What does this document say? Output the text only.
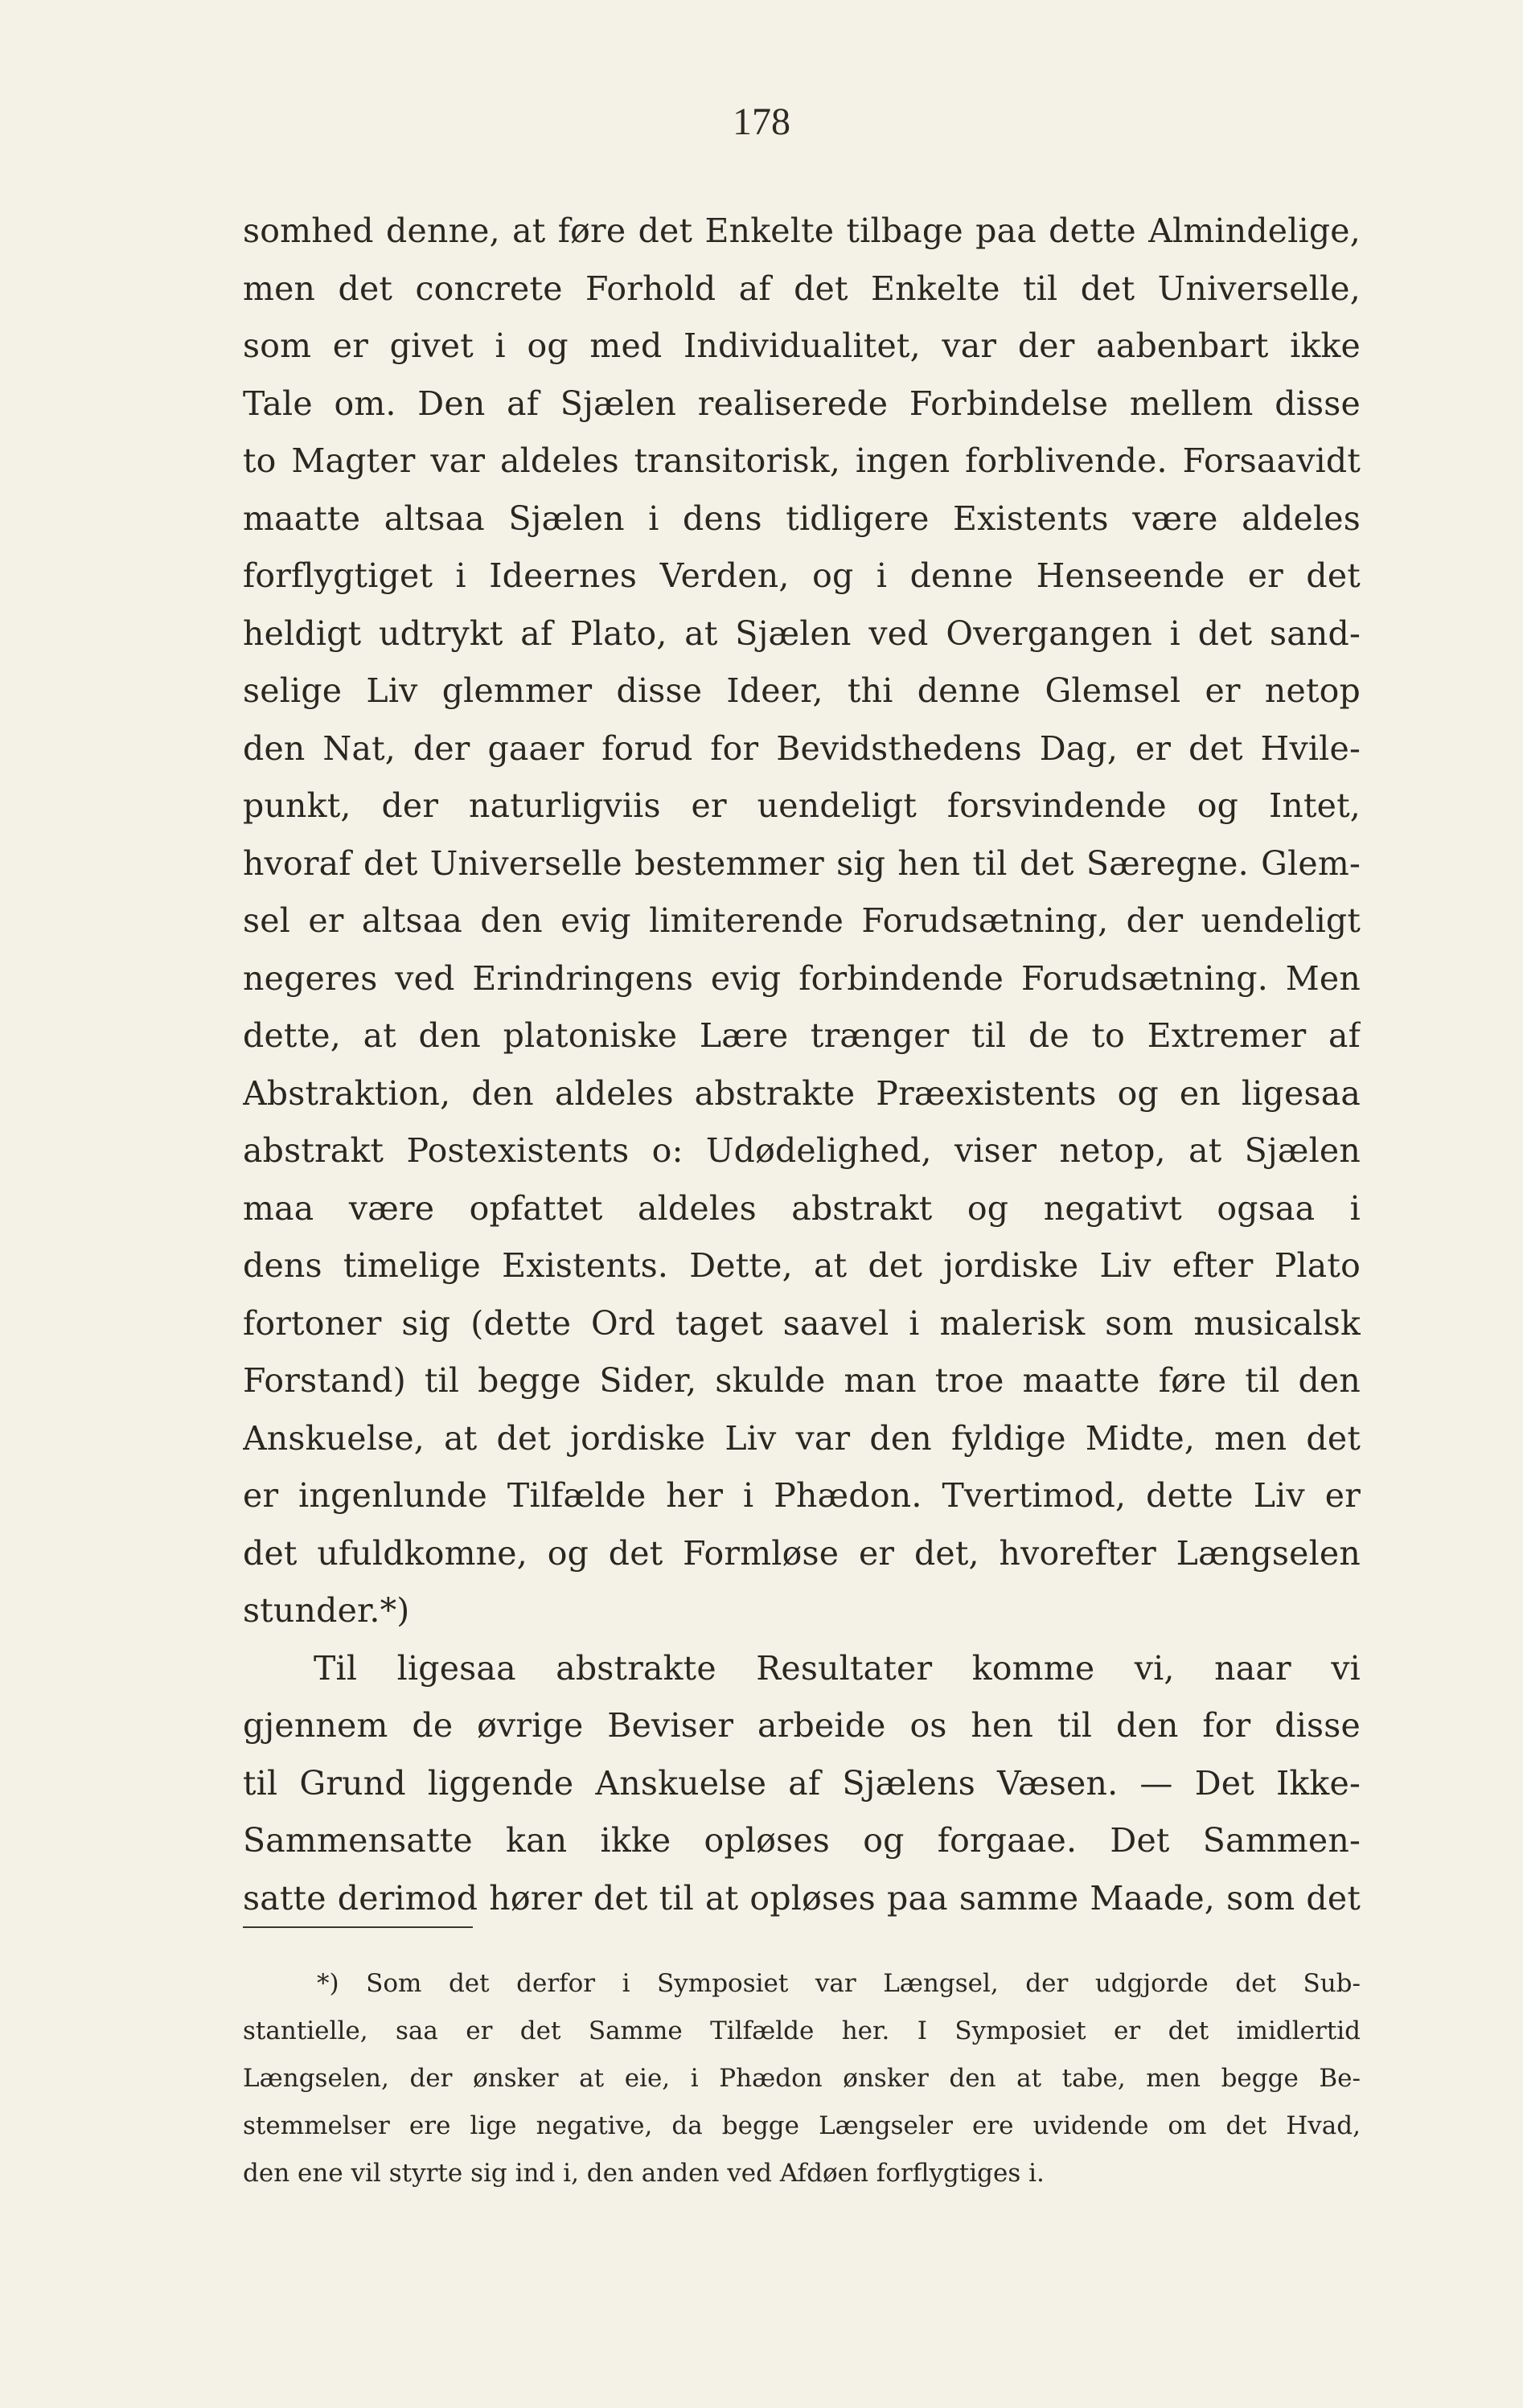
178
somhed denne, at føre det Enkelte tilbage paa dette Almindelige,
men det concrete Forhold af det Enkelte til det Universelle,
som er givet i og med Individualitet, var der aabenbart ikke
Tale om. Den af Sjælen realiserede Forbindelse mellem disse
to Magter var aldeles transitorisk, ingen forblivende. Forsaavidt
maatte altsaa Sjælen i dens tidligere Existents være aldeles
forflygtiget i Ideernes Verden, og i denne Henseende er det
heldigt udtrykt af Plato, at Sjælen ved Overgangen i det sand-
selige Liv glemmer disse Ideer, thi denne Glemsel er netop
den Nat, der gaaer forud for Bevidsthedens Dag, er det Hvile-
punkt, der naturligviis er uendeligt forsvindende og Intet,
hvoraf det Universelle bestemmer sig hen til det Særegne. Glem-
sel er altsaa den evig limiterende Forudsætning, der uendeligt
negeres ved Erindringens evig forbindende Forudsætning. Men
dette, at den platoniske Lære trænger til de to Extremer af
Abstraktion, den aldeles abstrakte Præexistents og en ligesaa
abstrakt Postexistents o: Udødelighed, viser netop, at Sjælen
maa være opfattet aldeles abstrakt og negativt ogsaa i
dens timelige Existents. Dette, at det jordiske Liv efter Plato
fortoner sig (dette Ord taget saavel i malerisk som musicalsk
Forstand) til begge Sider, skulde man troe maatte føre til den
Anskuelse, at det jordiske Liv var den fyldige Midte, men det
er ingenlunde Tilfælde her i Phædon. Tvertimod, dette Liv er
det ufuldkomne, og det Formløse er det, hvorefter Længselen
stunder.*)
Til ligesaa abstrakte Resultater komme vi, naar vi
gjennem de øvrige Beviser arbeide os hen til den for disse
til Grund liggende Anskuelse af Sjælens Væsen. — Det Ikke-
Sammensatte kan ikke opløses og forgaae. Det Sammen-
satte derimod hører det til at opløses paa samme Maade, som det
*) Som det derfor i Symposiet var Længsel, der udgjorde det Sub-
stantielle, saa er det Samme Tilfælde her. I Symposiet er det imidlertid
Længselen, der ønsker at eie, i Phædon ønsker den at tabe, men begge Be-
stemmelser ere lige negative, da begge Længseler ere uvidende om det Hvad,
den ene vil styrte sig ind i, den anden ved Afdøen forflygtiges i.
